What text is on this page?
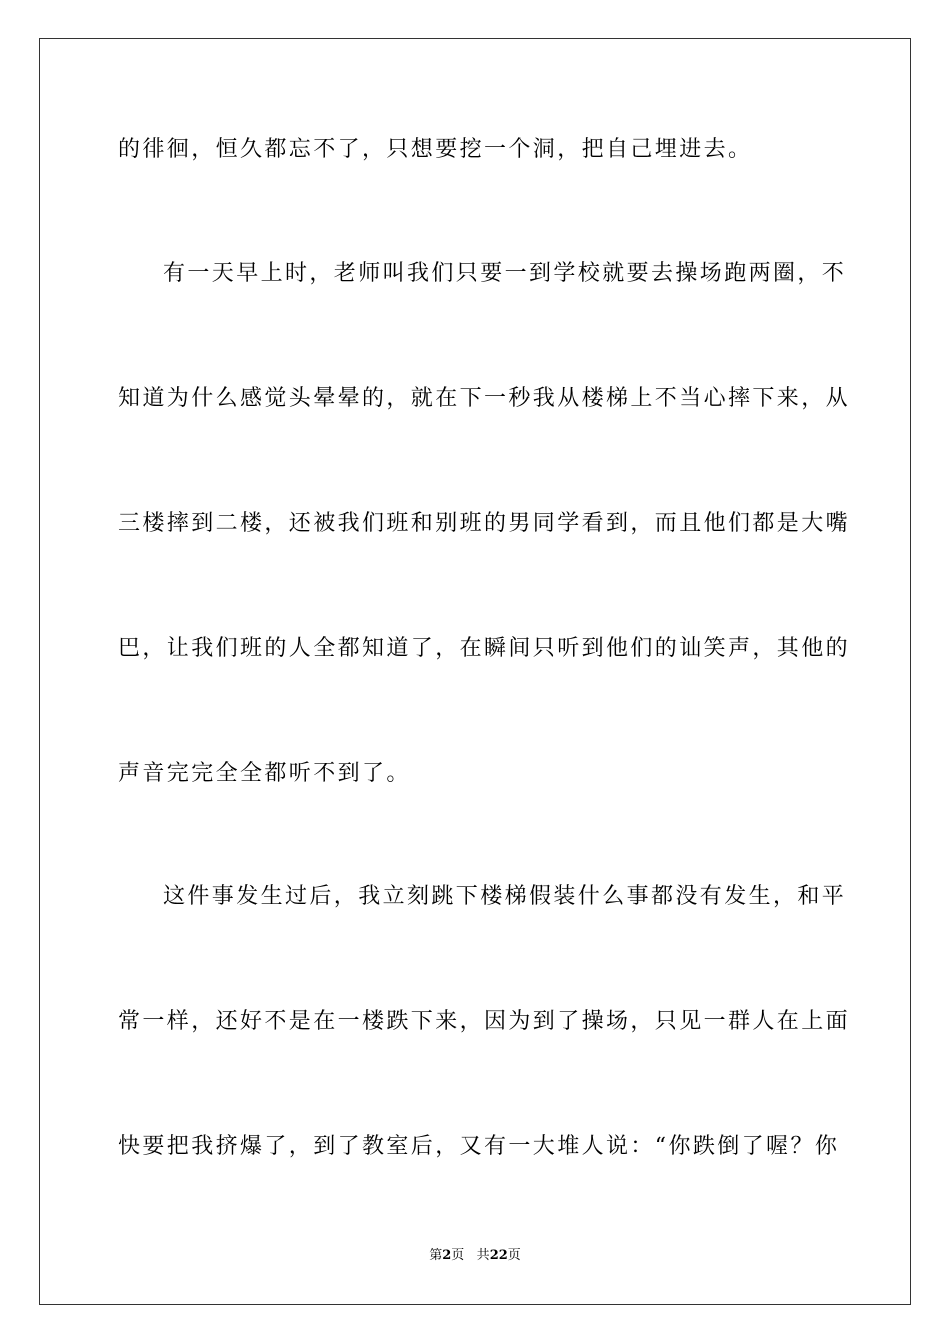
的徘徊，恒久都忘不了，只想要挖一个洞，把自己埋进去。
有一天早上时，老师叫我们只要一到学校就要去操场跑两圈，不
知道为什么感觉头晕晕的，就在下一秒我从楼梯上不当心摔下来，从
三楼摔到二楼，还被我们班和别班的男同学看到，而且他们都是大嘴
巴，让我们班的人全都知道了，在瞬间只听到他们的讪笑声，其他的
声音完完全全都听不到了。
这件事发生过后，我立刻跳下楼梯假装什么事都没有发生，和平
常一样，还好不是在一楼跌下来，因为到了操场，只见一群人在上面
快要把我挤爆了，到了教室后，又有一大堆人说：“你跌倒了喔？你
第2页 共22页
